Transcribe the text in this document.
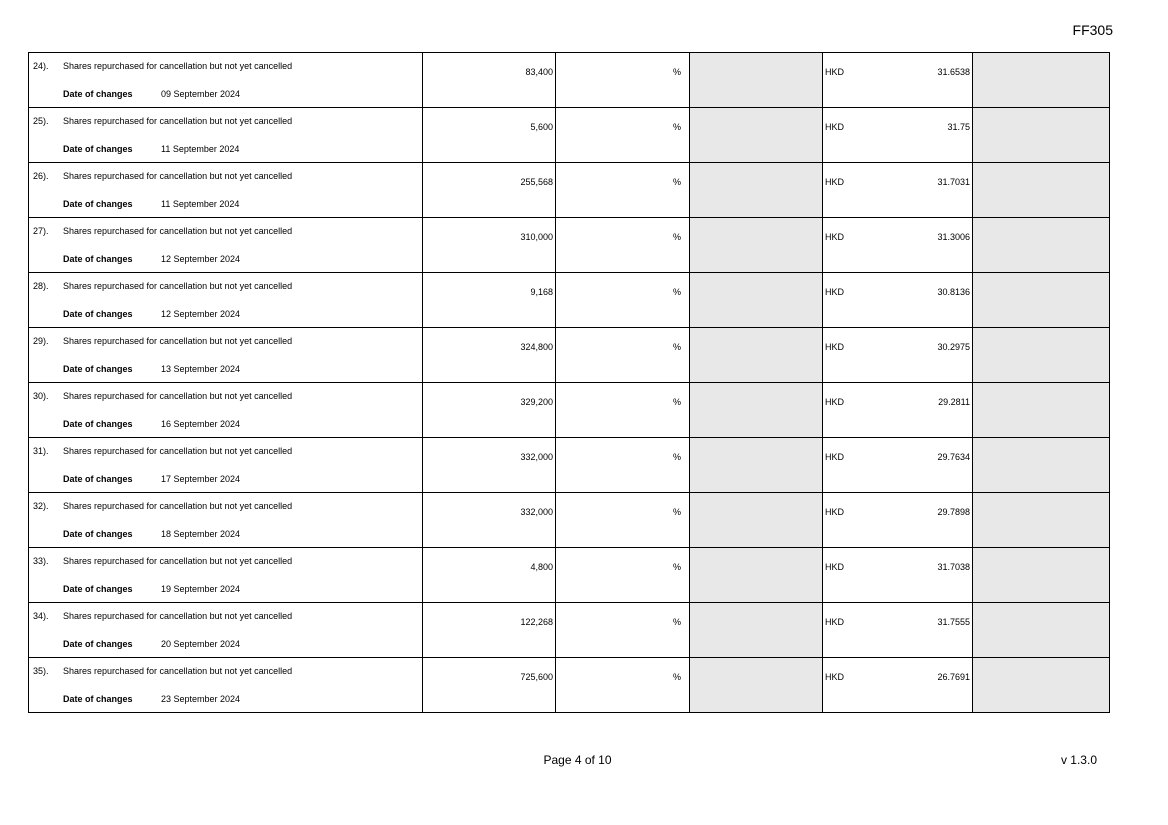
FF305
24). Shares repurchased for cancellation but not yet cancelled
Date of changes 09 September 2024	83,400	%		HKD 31.6538	

25). Shares repurchased for cancellation but not yet cancelled
Date of changes 11 September 2024	5,600	%		HKD 31.75	

26). Shares repurchased for cancellation but not yet cancelled
Date of changes 11 September 2024	255,568	%		HKD 31.7031	

27). Shares repurchased for cancellation but not yet cancelled
Date of changes 12 September 2024	310,000	%		HKD 31.3006	

28). Shares repurchased for cancellation but not yet cancelled
Date of changes 12 September 2024	9,168	%		HKD 30.8136	

29). Shares repurchased for cancellation but not yet cancelled
Date of changes 13 September 2024	324,800	%		HKD 30.2975	

30). Shares repurchased for cancellation but not yet cancelled
Date of changes 16 September 2024	329,200	%		HKD 29.2811	

31). Shares repurchased for cancellation but not yet cancelled
Date of changes 17 September 2024	332,000	%		HKD 29.7634	

32). Shares repurchased for cancellation but not yet cancelled
Date of changes 18 September 2024	332,000	%		HKD 29.7898	

33). Shares repurchased for cancellation but not yet cancelled
Date of changes 19 September 2024	4,800	%		HKD 31.7038	

34). Shares repurchased for cancellation but not yet cancelled
Date of changes 20 September 2024	122,268	%		HKD 31.7555	

35). Shares repurchased for cancellation but not yet cancelled
Date of changes 23 September 2024	725,600	%		HKD 26.7691	

Page 4 of 10	v 1.3.0
